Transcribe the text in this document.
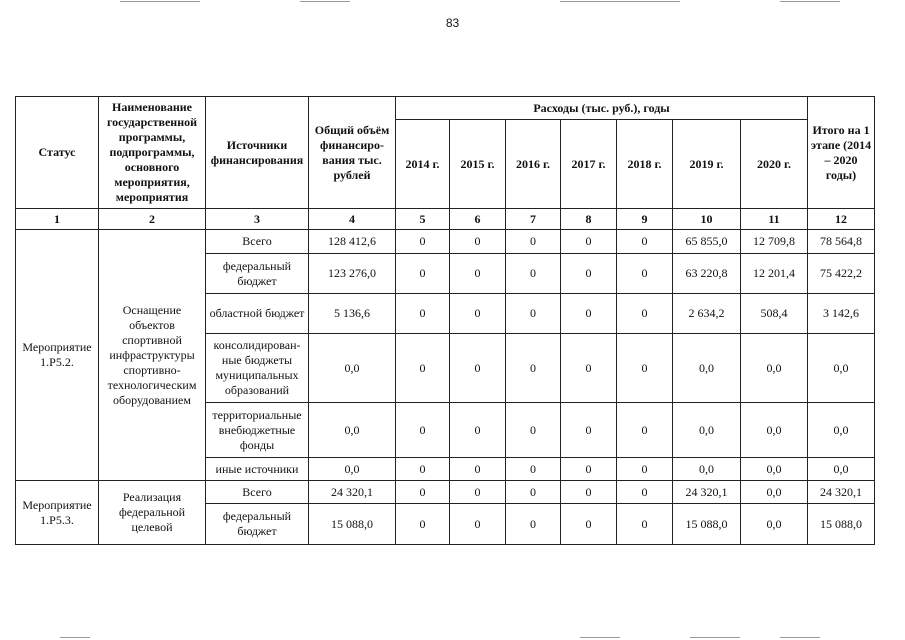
83
Статус	Наименование государственной программы, подпрограммы, основного мероприятия, мероприятия	Источники финансирования	Общий объём финансиро-вания тыс. рублей	Расходы (тыс. руб.), годы							Итого на 1 этапе (2014 – 2020 годы)
				2014 г.	2015 г.	2016 г.	2017 г.	2018 г.	2019 г.	2020 г.	
1	2	3	4	5	6	7	8	9	10	11	12
Мероприятие 1.Р5.2.	Оснащение объектов спортивной инфраструктуры спортивно-технологическим оборудованием	Всего	128 412,6	0	0	0	0	0	65 855,0	12 709,8	78 564,8
		федеральный бюджет	123 276,0	0	0	0	0	0	63 220,8	12 201,4	75 422,2
		областной бюджет	5 136,6	0	0	0	0	0	2 634,2	508,4	3 142,6
		консолидирован-ные бюджеты муниципальных образований	0,0	0	0	0	0	0	0,0	0,0	0,0
		территориальные внебюджетные фонды	0,0	0	0	0	0	0	0,0	0,0	0,0
		иные источники	0,0	0	0	0	0	0	0,0	0,0	0,0
Мероприятие 1.Р5.3.	Реализация федеральной целевой	Всего	24 320,1	0	0	0	0	0	24 320,1	0,0	24 320,1
		федеральный бюджет	15 088,0	0	0	0	0	0	15 088,0	0,0	15 088,0
